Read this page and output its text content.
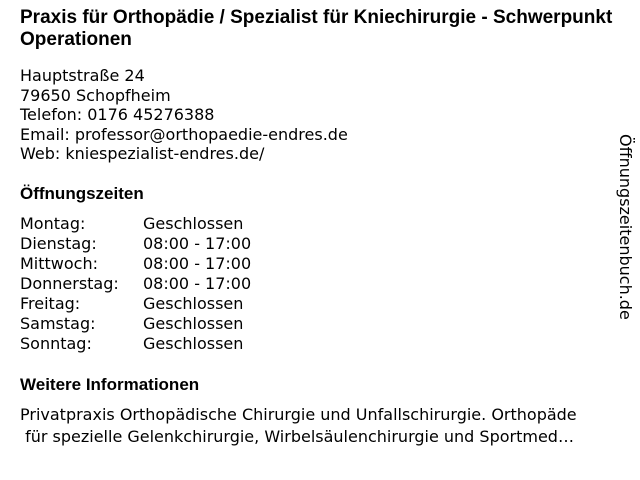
Praxis für Orthopädie / Spezialist für Kniechirurgie - Schwerpunkt Operationen
Hauptstraße 24
79650 Schopfheim
Telefon: 0176 45276388
Email: professor@orthopaedie-endres.de
Web: kniespezialist-endres.de/
Öffnungszeiten
Montag:	Geschlossen
Dienstag:	08:00 - 17:00
Mittwoch:	08:00 - 17:00
Donnerstag:	08:00 - 17:00
Freitag:	Geschlossen
Samstag:	Geschlossen
Sonntag:	Geschlossen
Weitere Informationen

Privatpraxis Orthopädische Chirurgie und Unfallschirurgie. Orthopäde
für spezielle Gelenkchirurgie, Wirbelsäulenchirurgie und Sportmed…

Öffnungszeitenbuch.de
